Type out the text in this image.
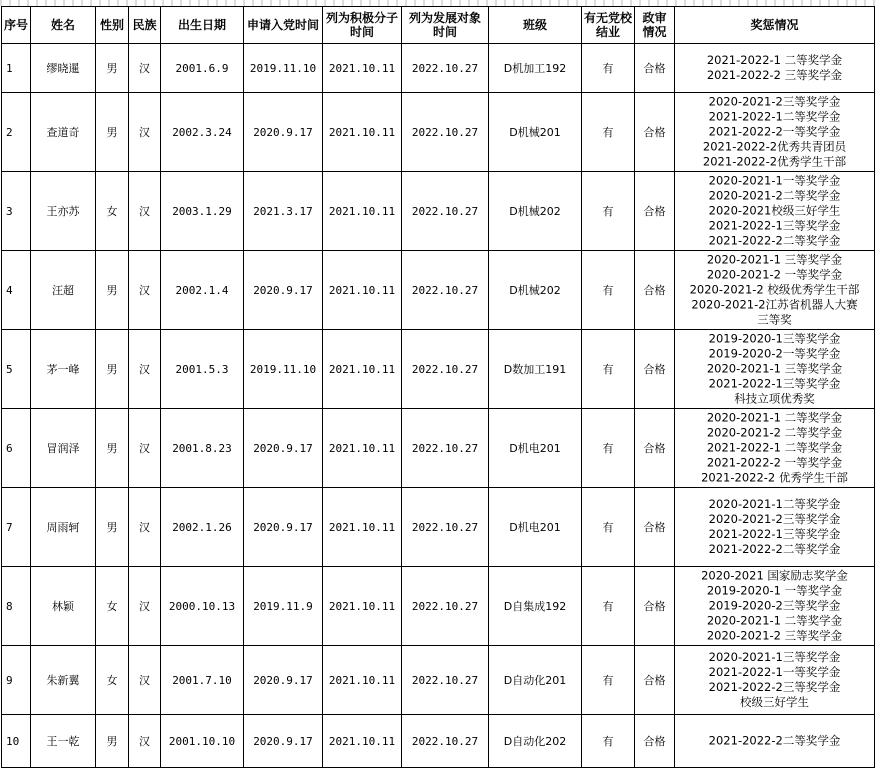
序号	姓名	性别	民族	出生日期	申请入党时间	列为积极分子时间	列为发展对象时间	班级	有无党校结业	政审情况	奖惩情况

1	缪晓暹	男	汉	2001.6.9	2019.11.10	2021.10.11	2022.10.27	D机加工192	有	合格	2021-2022-1 二等奖学金
2021-2022-2 三等奖学金

2	查道奇	男	汉	2002.3.24	2020.9.17	2021.10.11	2022.10.27	D机械201	有	合格	2020-2021-2三等奖学金
2021-2022-1二等奖学金
2021-2022-2一等奖学金
2021-2022-2优秀共青团员
2021-2022-2优秀学生干部

3	王亦苏	女	汉	2003.1.29	2021.3.17	2021.10.11	2022.10.27	D机械202	有	合格	2020-2021-1一等奖学金
2020-2021-2二等奖学金
2020-2021校级三好学生
2021-2022-1三等奖学金
2021-2022-2二等奖学金

4	汪超	男	汉	2002.1.4	2020.9.17	2021.10.11	2022.10.27	D机械202	有	合格	2020-2021-1 三等奖学金
2020-2021-2 一等奖学金
2020-2021-2 校级优秀学生干部
2020-2021-2江苏省机器人大赛
三等奖

5	茅一峰	男	汉	2001.5.3	2019.11.10	2021.10.11	2022.10.27	D数加工191	有	合格	2019-2020-1三等奖学金
2019-2020-2一等奖学金
2020-2021-1 三等奖学金
2021-2022-1三等奖学金
科技立项优秀奖

6	冒润泽	男	汉	2001.8.23	2020.9.17	2021.10.11	2022.10.27	D机电201	有	合格	2020-2021-1 二等奖学金
2020-2021-2 二等奖学金
2021-2022-1 二等奖学金
2021-2022-2 一等奖学金
2021-2022-2 优秀学生干部

7	周雨轲	男	汉	2002.1.26	2020.9.17	2021.10.11	2022.10.27	D机电201	有	合格	2020-2021-1二等奖学金
2020-2021-2三等奖学金
2021-2022-1三等奖学金
2021-2022-2二等奖学金

8	林颖	女	汉	2000.10.13	2019.11.9	2021.10.11	2022.10.27	D自集成192	有	合格	2020-2021 国家励志奖学金
2019-2020-1 一等奖学金
2019-2020-2三等奖学金
2020-2021-1 二等奖学金
2020-2021-2 三等奖学金

9	朱新翼	女	汉	2001.7.10	2020.9.17	2021.10.11	2022.10.27	D自动化201	有	合格	2020-2021-1三等奖学金
2021-2022-1一等奖学金
2021-2022-2三等奖学金
校级三好学生

10	王一乾	男	汉	2001.10.10	2020.9.17	2021.10.11	2022.10.27	D自动化202	有	合格	2021-2022-2二等奖学金
